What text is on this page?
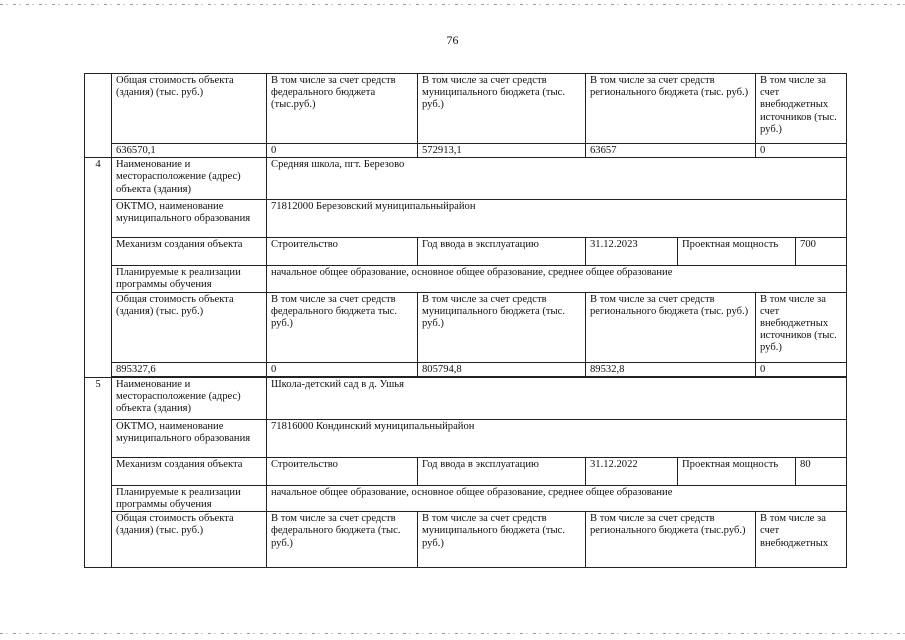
76
	Общая стоимость объекта (здания) (тыс. руб.)	В том числе за счет средств федерального бюджета (тыс.руб.)	В том числе за счет средств муниципального бюджета (тыс. руб.)	В том числе за счет средств регионального бюджета (тыс. руб.)		В том числе за счет внебюджетных источников (тыс. руб.)	
	636570,1	0	572913,1	63657		0	
4	Наименование и месторасположение (адрес) объекта (здания)	Средняя школа, пгт. Березово					
	ОКТМО, наименование муниципального образования	71812000 Березовский муниципальныйрайон					
	Механизм создания объекта	Строительство	Год ввода в эксплуатацию	31.12.2023	Проектная мощность		700
	Планируемые к реализации программы обучения	начальное общее образование, основное общее образование, среднее общее образование					
	Общая стоимость объекта (здания) (тыс. руб.)	В том числе за счет средств федерального бюджета тыс. руб.)	В том числе за счет средств муниципального бюджета (тыс. руб.)	В том числе за счет средств регионального бюджета (тыс. руб.)		В том числе за счет внебюджетных источников (тыс. руб.)	
	895327,6	0	805794,8	89532,8		0	

5	Наименование и месторасположение (адрес) объекта (здания)	Школа-детский сад в д. Ушья					
	ОКТМО, наименование муниципального образования	71816000 Кондинский муниципальныйрайон					
	Механизм создания объекта	Строительство	Год ввода в эксплуатацию	31.12.2022	Проектная мощность		80
	Планируемые к реализации программы обучения	начальное общее образование, основное общее образование, среднее общее образование					
	Общая стоимость объекта (здания) (тыс. руб.)	В том числе за счет средств федерального бюджета (тыс. руб.)	В том числе за счет средств муниципального бюджета (тыс. руб.)	В том числе за счет средств регионального бюджета (тыс.руб.)		В том числе за счет внебюджетных	
